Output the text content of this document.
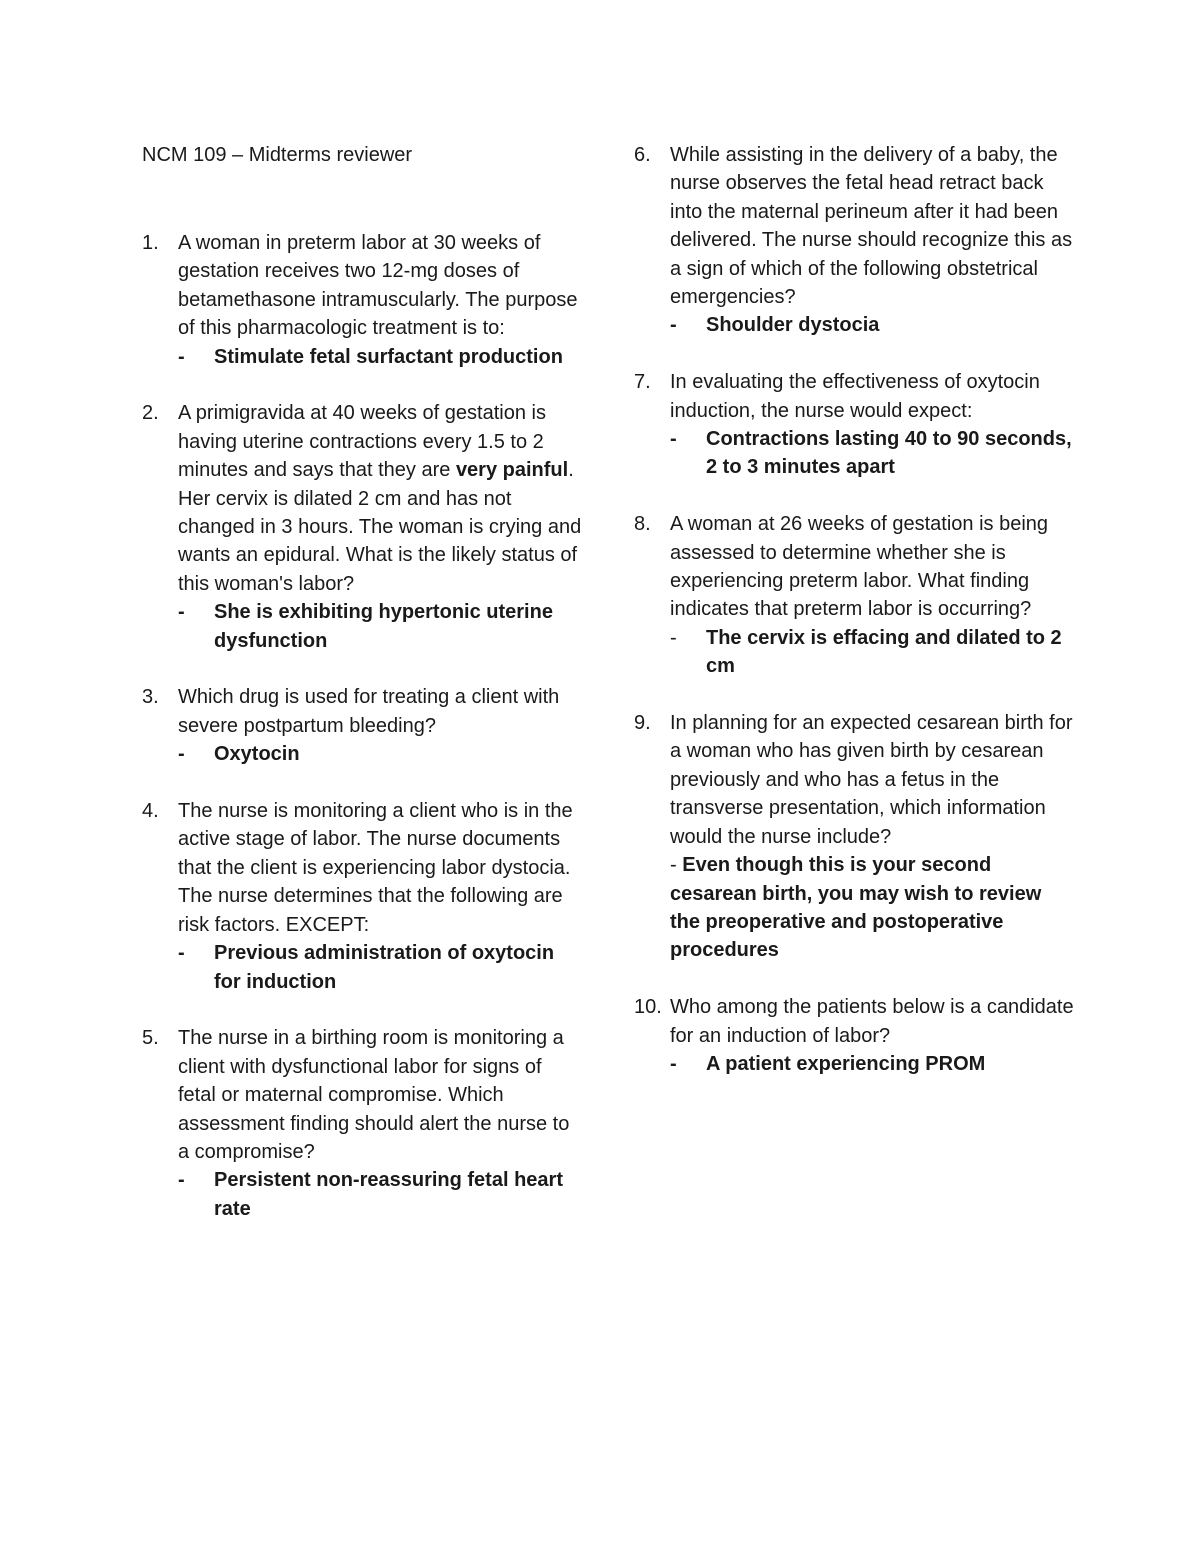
NCM 109 – Midterms reviewer
1. A woman in preterm labor at 30 weeks of gestation receives two 12-mg doses of betamethasone intramuscularly. The purpose of this pharmacologic treatment is to:
- Stimulate fetal surfactant production
2. A primigravida at 40 weeks of gestation is having uterine contractions every 1.5 to 2 minutes and says that they are very painful. Her cervix is dilated 2 cm and has not changed in 3 hours. The woman is crying and wants an epidural. What is the likely status of this woman's labor?
- She is exhibiting hypertonic uterine dysfunction
3. Which drug is used for treating a client with severe postpartum bleeding?
- Oxytocin
4. The nurse is monitoring a client who is in the active stage of labor. The nurse documents that the client is experiencing labor dystocia. The nurse determines that the following are risk factors. EXCEPT:
- Previous administration of oxytocin for induction
5. The nurse in a birthing room is monitoring a client with dysfunctional labor for signs of fetal or maternal compromise. Which assessment finding should alert the nurse to a compromise?
- Persistent non-reassuring fetal heart rate
6. While assisting in the delivery of a baby, the nurse observes the fetal head retract back into the maternal perineum after it had been delivered. The nurse should recognize this as a sign of which of the following obstetrical emergencies?
- Shoulder dystocia
7. In evaluating the effectiveness of oxytocin induction, the nurse would expect:
- Contractions lasting 40 to 90 seconds, 2 to 3 minutes apart
8. A woman at 26 weeks of gestation is being assessed to determine whether she is experiencing preterm labor. What finding indicates that preterm labor is occurring?
- The cervix is effacing and dilated to 2 cm
9. In planning for an expected cesarean birth for a woman who has given birth by cesarean previously and who has a fetus in the transverse presentation, which information would the nurse include?
- Even though this is your second cesarean birth, you may wish to review the preoperative and postoperative procedures
10. Who among the patients below is a candidate for an induction of labor?
- A patient experiencing PROM
